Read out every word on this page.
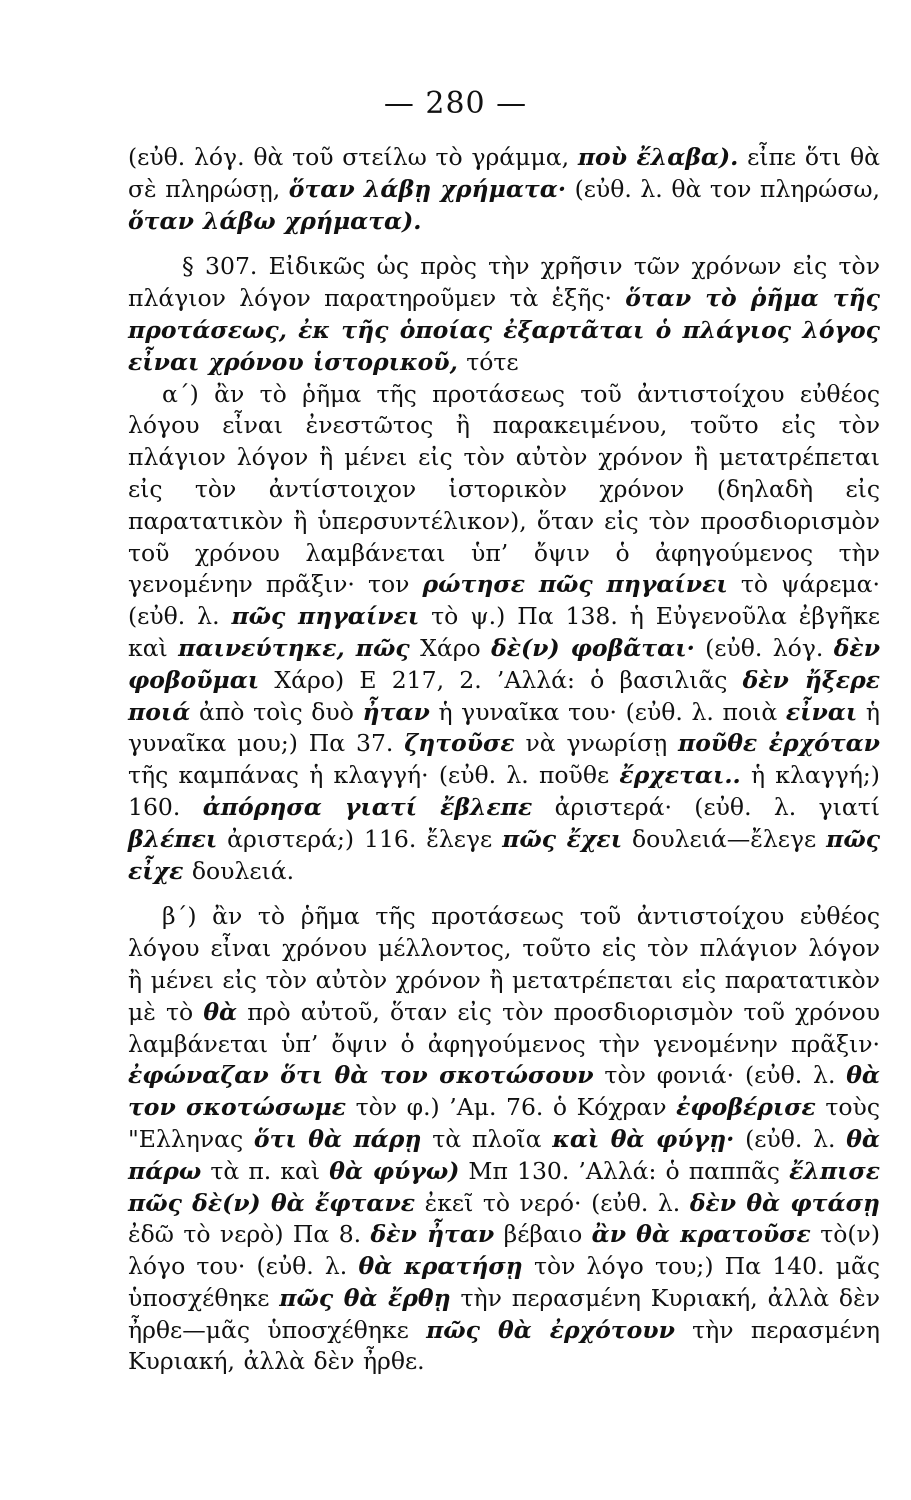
— 280 —

(εὐθ. λόγ. θὰ τοῦ στείλω τὸ γράμμα, ποὺ ἔλαβα). εἶπε ὅτι θὰ σὲ πληρώσῃ, ὅταν λάβῃ χρήματα· (εὐθ. λ. θὰ τον πληρώσω, ὅταν λάβω χρήματα).

§ 307. Εἰδικῶς ὡς πρὸς τὴν χρῆσιν τῶν χρόνων εἰς τὸν πλάγιον λόγον παρατηροῦμεν τὰ ἑξῆς· ὅταν τὸ ῥῆμα τῆς προτάσεως, ἐκ τῆς ὁποίας ἐξαρτᾶται ὁ πλάγιος λόγος εἶναι χρόνου ἱστορικοῦ, τότε

α΄) ἂν τὸ ῥῆμα τῆς προτάσεως τοῦ ἀντιστοίχου εὐθέος λόγου εἶναι ἐνεστῶτος ἢ παρακειμένου, τοῦτο εἰς τὸν πλάγιον λόγον ἢ μένει εἰς τὸν αὐτὸν χρόνον ἢ μετατρέπεται εἰς τὸν ἀντίστοιχον ἱστορικὸν χρόνον (δηλαδὴ εἰς παρατατικὸν ἢ ὑπερσυντέλικον), ὅταν εἰς τὸν προσδιορισμὸν τοῦ χρόνου λαμβάνεται ὑπ’ ὄψιν ὁ ἀφηγούμενος τὴν γενομένην πρᾶξιν· τον ρώτησε πῶς πηγαίνει τὸ ψάρεμα· (εὐθ. λ. πῶς πηγαίνει τὸ ψ.) Πα 138. ἡ Εὐγενοῦλα ἐβγῆκε καὶ παινεύτηκε, πῶς Χάρο δὲ(ν) φοβᾶται· (εὐθ. λόγ. δὲν φοβοῦμαι Χάρο) Ε 217, 2. ’Αλλά: ὁ βασιλιᾶς δὲν ἤξερε ποιά ἀπὸ τοὶς δυὸ ἦταν ἡ γυναῖκα του· (εὐθ. λ. ποιὰ εἶναι ἡ γυναῖκα μου;) Πα 37. ζητοῦσε νὰ γνωρίσῃ ποῦθε ἐρχόταν τῆς καμπάνας ἡ κλαγγή· (εὐθ. λ. ποῦθε ἔρχεται.. ἡ κλαγγή;) 160. ἀπόρησα γιατί ἔβλεπε ἀριστερά· (εὐθ. λ. γιατί βλέπει ἀριστερά;) 116. ἔλεγε πῶς ἔχει δουλειά—ἔλεγε πῶς εἶχε δουλειά.

β΄) ἂν τὸ ῥῆμα τῆς προτάσεως τοῦ ἀντιστοίχου εὐθέος λόγου εἶναι χρόνου μέλλοντος, τοῦτο εἰς τὸν πλάγιον λόγον ἢ μένει εἰς τὸν αὐτὸν χρόνον ἢ μετατρέπεται εἰς παρατατικὸν μὲ τὸ θὰ πρὸ αὐτοῦ, ὅταν εἰς τὸν προσδιορισμὸν τοῦ χρόνου λαμβάνεται ὑπ’ ὄψιν ὁ ἀφηγούμενος τὴν γενομένην πρᾶξιν· ἐφώναζαν ὅτι θὰ τον σκοτώσουν τὸν φονιά· (εὐθ. λ. θὰ τον σκοτώσωμε τὸν φ.) ’Αμ. 76. ὁ Κόχραν ἐφοβέρισε τοὺς "Ελληνας ὅτι θὰ πάρῃ τὰ πλοῖα καὶ θὰ φύγῃ· (εὐθ. λ. θὰ πάρω τὰ π. καὶ θὰ φύγω) Μπ 130. ’Αλλά: ὁ παππᾶς ἔλπισε πῶς δὲ(ν) θὰ ἔφτανε ἐκεῖ τὸ νερό· (εὐθ. λ. δὲν θὰ φτάσῃ ἐδῶ τὸ νερὸ) Πα 8. δὲν ἦταν βέβαιο ἂν θὰ κρατοῦσε τὸ(ν) λόγο του· (εὐθ. λ. θὰ κρατήσῃ τὸν λόγο του;) Πα 140. μᾶς ὑποσχέθηκε πῶς θὰ ἔρθῃ τὴν περασμένη Κυριακή, ἀλλὰ δὲν ἦρθε—μᾶς ὑποσχέθηκε πῶς θὰ ἐρχότουν τὴν περασμένη Κυριακή, ἀλλὰ δὲν ἦρθε.
